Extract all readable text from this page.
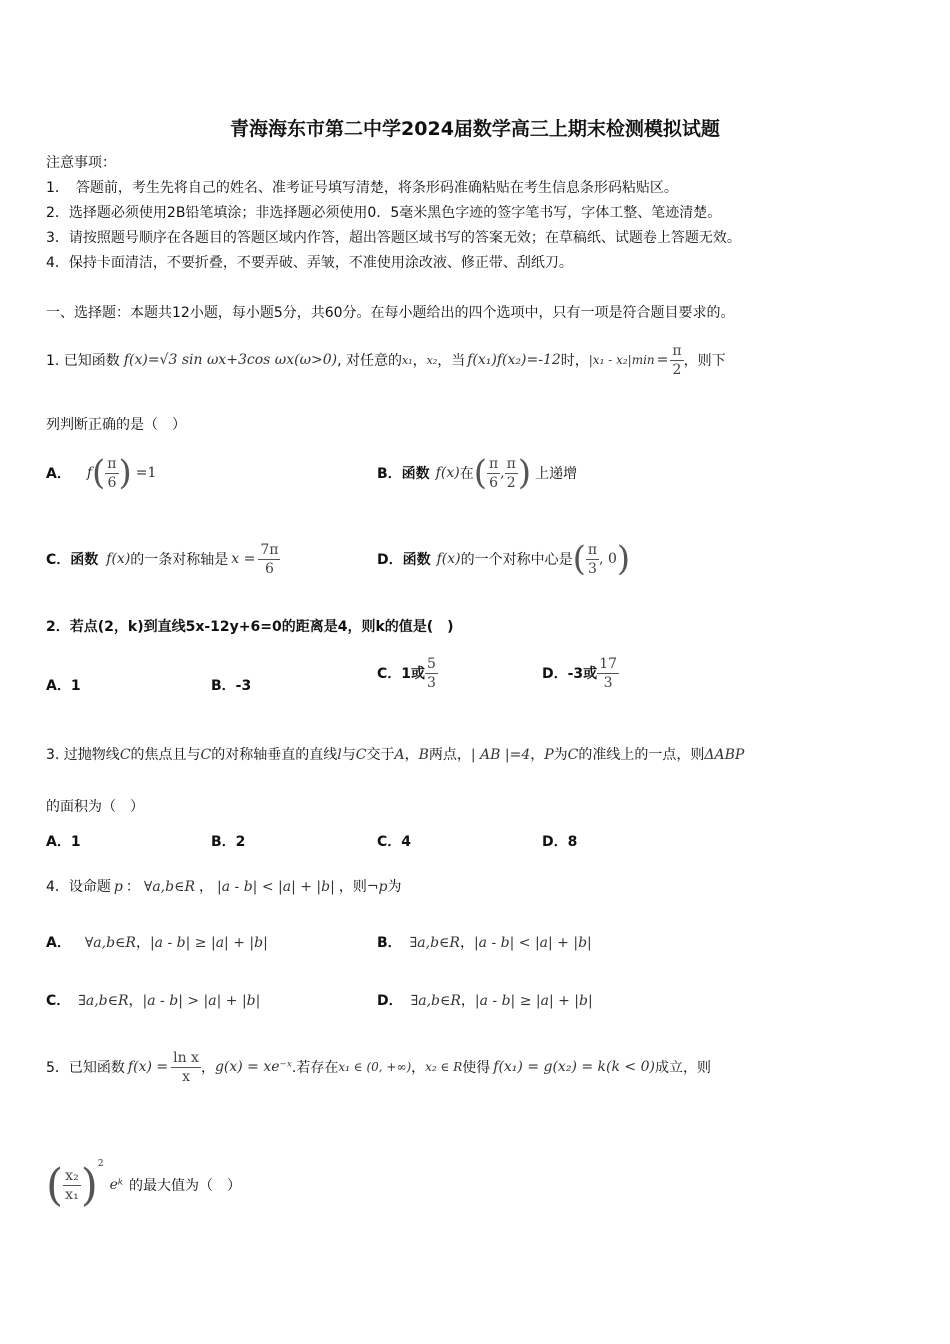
青海海东市第二中学2024届数学高三上期末检测模拟试题
注意事项：
1．　答题前，考生先将自己的姓名、准考证号填写清楚，将条形码准确粘贴在考生信息条形码粘贴区。
2．选择题必须使用2B铅笔填涂；非选择题必须使用0．5毫米黑色字迹的签字笔书写，字体工整、笔迹清楚。
3．请按照题号顺序在各题目的答题区域内作答，超出答题区域书写的答案无效；在草稿纸、试题卷上答题无效。
4．保持卡面清洁，不要折叠，不要弄破、弄皱，不准使用涂改液、修正带、刮纸刀。
一、选择题：本题共12小题，每小题5分，共60分。在每小题给出的四个选项中，只有一项是符合题目要求的。
1. 已知函数 f(x)=√3 sin ωx+3cos ωx(ω>0) , 对任意的 x₁ ， x₂ ，当 f(x₁)f(x₂)=-12 时， $|x_1 - x_2|\min = \frac{\pi}{2}$ ，则下
列判断正确的是（　）
A． f ( $\frac{\pi}{6}$ ) =1	B．函数 f(x) 在 ( $\frac{\pi}{6}$ , $\frac{\pi}{2}$ ) 上递增
C．函数 f(x) 的一条对称轴是 $x = \frac{7\pi}{6}$	D．函数 f(x) 的一个对称中心是 ( $\frac{\pi}{3}$ , 0 )
2．若点(2，k)到直线5x-12y+6=0的距离是4，则k的值是(　)
A．1	B．-3
C．1或 $\frac{5}{3}$	D．-3或 $\frac{17}{3}$
3. 过抛物线C的焦点且与C的对称轴垂直的直线l与C交于A，B两点，| AB |=4，P为C的准线上的一点，则ΔABP
的面积为（　）
A．1	B．2	C．4	D．8
4．设命题 p ： ∀a,b∈R ， |a - b| < |a| + |b| ，则¬p为
A． ∀a,b∈R，|a - b| ≥ |a| + |b|	B． ∃a,b∈R，|a - b| < |a| + |b|
C． ∃a,b∈R，|a - b| > |a| + |b|	D． ∃a,b∈R，|a - b| ≥ |a| + |b|
5．已知函数 $f(x) = \frac{\text{ln x}}{x}$ ， g(x) = xe⁻ˣ .若存在 x₁ ∈ (0, +∞) ， x₂ ∈ R 使得 f(x₁) = g(x₂) = k(k < 0) 成立，则
( $\frac{\text{x₂}}{\text{x₁}}$ ) 2
eᵏ 的最大值为（　）
